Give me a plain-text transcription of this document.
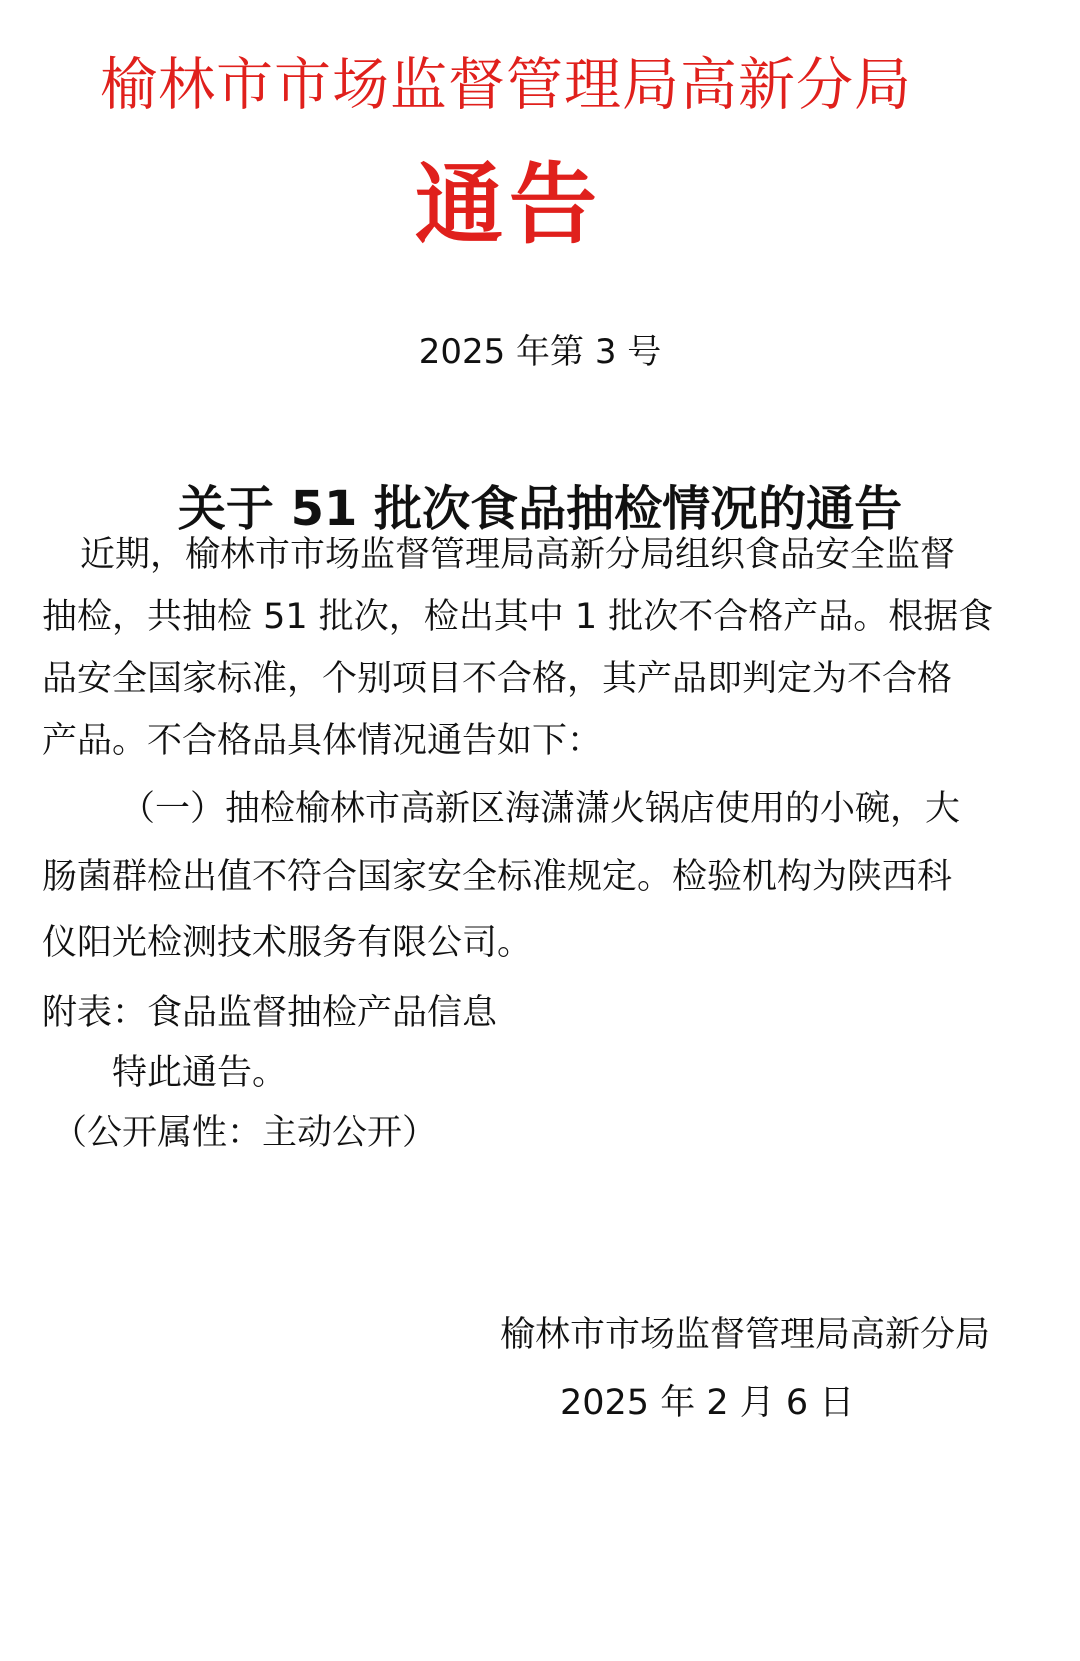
榆林市市场监督管理局高新分局
通告
2025 年第 3 号
关于 51 批次食品抽检情况的通告
近期，榆林市市场监督管理局高新分局组织食品安全监督
抽检，共抽检 51 批次，检出其中 1 批次不合格产品。根据食
品安全国家标准，个别项目不合格，其产品即判定为不合格
产品。不合格品具体情况通告如下：
（一）抽检榆林市高新区海潇潇火锅店使用的小碗，大
肠菌群检出值不符合国家安全标准规定。检验机构为陕西科
仪阳光检测技术服务有限公司。
附表：食品监督抽检产品信息
特此通告。
（公开属性：主动公开）
榆林市市场监督管理局高新分局
2025 年 2 月 6 日
